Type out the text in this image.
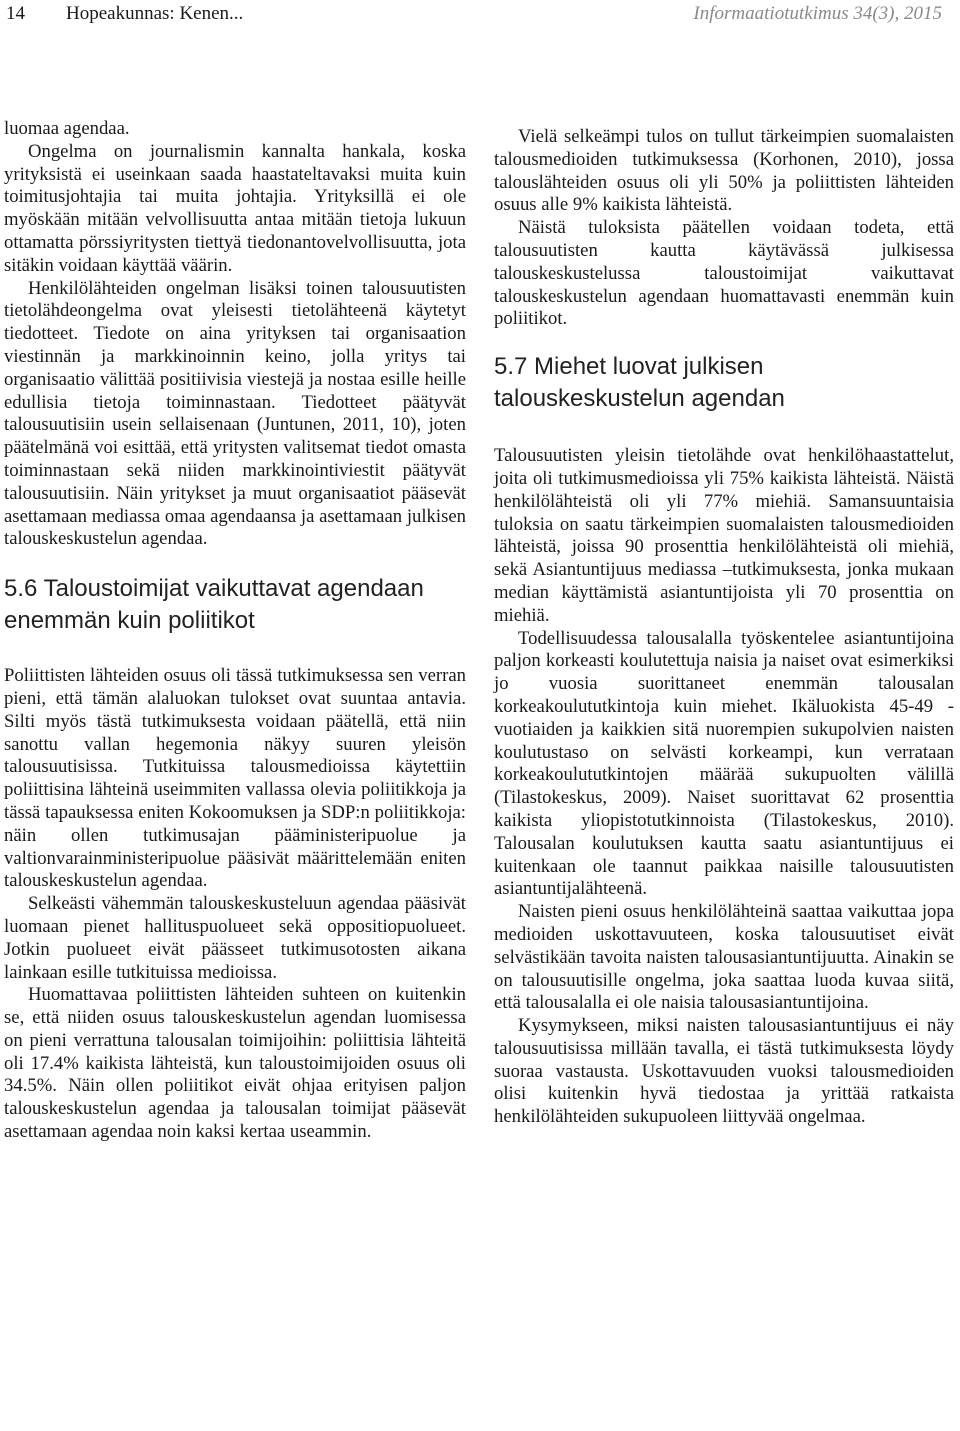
14 Hopeakunnas: Kenen...	Informaatiotutkimus 34(3), 2015

luomaa agendaa.

Ongelma on journalismin kannalta hankala, koska yrityksistä ei useinkaan saada haastateltavaksi muita kuin toimitusjohtajia tai muita johtajia. Yrityksillä ei ole myöskään mitään velvollisuutta antaa mitään tietoja lukuun ottamatta pörssiyritysten tiettyä tiedonantovelvollisuutta, jota sitäkin voidaan käyttää väärin.

Henkilölähteiden ongelman lisäksi toinen talousuutisten tietolähdeongelma ovat yleisesti tietolähteenä käytetyt tiedotteet. Tiedote on aina yrityksen tai organisaation viestinnän ja markkinoinnin keino, jolla yritys tai organisaatio välittää positiivisia viestejä ja nostaa esille heille edullisia tietoja toiminnastaan. Tiedotteet päätyvät talousuutisiin usein sellaisenaan (Juntunen, 2011, 10), joten päätelmänä voi esittää, että yritysten valitsemat tiedot omasta toiminnastaan sekä niiden markkinointiviestit päätyvät talousuutisiin. Näin yritykset ja muut organisaatiot pääsevät asettamaan mediassa omaa agendaansa ja asettamaan julkisen talouskeskustelun agendaa.

5.6 Taloustoimijat vaikuttavat agendaan enemmän kuin poliitikot

Poliittisten lähteiden osuus oli tässä tutkimuksessa sen verran pieni, että tämän alaluokan tulokset ovat suuntaa antavia. Silti myös tästä tutkimuksesta voidaan päätellä, että niin sanottu vallan hegemonia näkyy suuren yleisön talousuutisissa. Tutkituissa talousmedioissa käytettiin poliittisina lähteinä useimmiten vallassa olevia poliitikkoja ja tässä tapauksessa eniten Kokoomuksen ja SDP:n poliitikkoja: näin ollen tutkimusajan pääministeripuolue ja valtionvarainministeripuolue pääsivät määrittelemään eniten talouskeskustelun agendaa.

Selkeästi vähemmän talouskeskusteluun agendaa pääsivät luomaan pienet hallituspuolueet sekä oppositiopuolueet. Jotkin puolueet eivät päässeet tutkimusotosten aikana lainkaan esille tutkituissa medioissa.

Huomattavaa poliittisten lähteiden suhteen on kuitenkin se, että niiden osuus talouskeskustelun agendan luomisessa on pieni verrattuna talousalan toimijoihin: poliittisia lähteitä oli 17.4% kaikista lähteistä, kun taloustoimijoiden osuus oli 34.5%. Näin ollen poliitikot eivät ohjaa erityisen paljon talouskeskustelun agendaa ja talousalan toimijat pääsevät asettamaan agendaa noin kaksi kertaa useammin.

Vielä selkeämpi tulos on tullut tärkeimpien suomalaisten talousmedioiden tutkimuksessa (Korhonen, 2010), jossa talouslähteiden osuus oli yli 50% ja poliittisten lähteiden osuus alle 9% kaikista lähteistä.

Näistä tuloksista päätellen voidaan todeta, että talousuutisten kautta käytävässä julkisessa talouskeskustelussa taloustoimijat vaikuttavat talouskeskustelun agendaan huomattavasti enemmän kuin poliitikot.

5.7 Miehet luovat julkisen talouskeskustelun agendan

Talousuutisten yleisin tietolähde ovat henkilöhaastattelut, joita oli tutkimusmedioissa yli 75% kaikista lähteistä. Näistä henkilölähteistä oli yli 77% miehiä. Samansuuntaisia tuloksia on saatu tärkeimpien suomalaisten talousmedioiden lähteistä, joissa 90 prosenttia henkilölähteistä oli miehiä, sekä Asiantuntijuus mediassa –tutkimuksesta, jonka mukaan median käyttämistä asiantuntijoista yli 70 prosenttia on miehiä.

Todellisuudessa talousalalla työskentelee asiantuntijoina paljon korkeasti koulutettuja naisia ja naiset ovat esimerkiksi jo vuosia suorittaneet enemmän talousalan korkeakoulututkintoja kuin miehet. Ikäluokista 45-49 -vuotiaiden ja kaikkien sitä nuorempien sukupolvien naisten koulutustaso on selvästi korkeampi, kun verrataan korkeakoulututkintojen määrää sukupuolten välillä (Tilastokeskus, 2009). Naiset suorittavat 62 prosenttia kaikista yliopistotutkinnoista (Tilastokeskus, 2010). Talousalan koulutuksen kautta saatu asiantuntijuus ei kuitenkaan ole taannut paikkaa naisille talousuutisten asiantuntijalähteenä.

Naisten pieni osuus henkilölähteinä saattaa vaikuttaa jopa medioiden uskottavuuteen, koska talousuutiset eivät selvästikään tavoita naisten talousasiantuntijuutta. Ainakin se on talousuutisille ongelma, joka saattaa luoda kuvaa siitä, että talousalalla ei ole naisia talousasiantuntijoina.

Kysymykseen, miksi naisten talousasiantuntijuus ei näy talousuutisissa millään tavalla, ei tästä tutkimuksesta löydy suoraa vastausta. Uskottavuuden vuoksi talousmedioiden olisi kuitenkin hyvä tiedostaa ja yrittää ratkaista henkilölähteiden sukupuoleen liittyvää ongelmaa.
